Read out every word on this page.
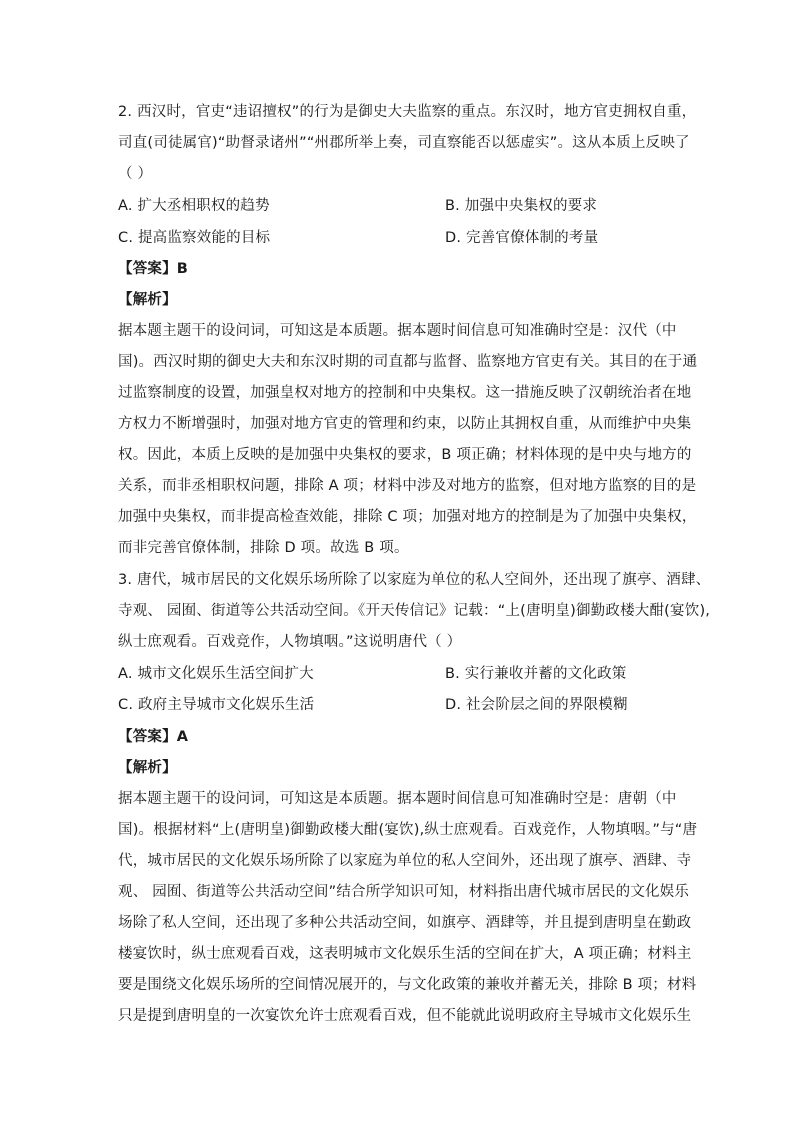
2. 西汉时，官吏“违诏擅权”的行为是御史大夫监察的重点。东汉时，地方官吏拥权自重，
司直(司徒属官)“助督录诸州”“州郡所举上奏，司直察能否以惩虚实”。这从本质上反映了
（ ）
A. 扩大丞相职权的趋势	B. 加强中央集权的要求
C. 提高监察效能的目标	D. 完善官僚体制的考量
【答案】B
【解析】
据本题主题干的设问词，可知这是本质题。据本题时间信息可知准确时空是：汉代（中
国)。西汉时期的御史大夫和东汉时期的司直都与监督、监察地方官吏有关。其目的在于通
过监察制度的设置，加强皇权对地方的控制和中央集权。这一措施反映了汉朝统治者在地
方权力不断增强时，加强对地方官吏的管理和约束，以防止其拥权自重，从而维护中央集
权。因此，本质上反映的是加强中央集权的要求，B 项正确；材料体现的是中央与地方的
关系，而非丞相职权问题，排除 A 项；材料中涉及对地方的监察，但对地方监察的目的是
加强中央集权，而非提高检查效能，排除 C 项；加强对地方的控制是为了加强中央集权，
而非完善官僚体制，排除 D 项。故选 B 项。
3. 唐代，城市居民的文化娱乐场所除了以家庭为单位的私人空间外，还出现了旗亭、酒肆、
寺观、 园囿、街道等公共活动空间。《开天传信记》记载：“上(唐明皇)御勤政楼大酣(宴饮),
纵士庶观看。百戏竞作，人物填咽。”这说明唐代（ ）
A. 城市文化娱乐生活空间扩大	B. 实行兼收并蓄的文化政策
C. 政府主导城市文化娱乐生活	D. 社会阶层之间的界限模糊
【答案】A
【解析】
据本题主题干的设问词，可知这是本质题。据本题时间信息可知准确时空是：唐朝（中
国)。根据材料“上(唐明皇)御勤政楼大酣(宴饮),纵士庶观看。百戏竞作，人物填咽。”与“唐
代，城市居民的文化娱乐场所除了以家庭为单位的私人空间外，还出现了旗亭、酒肆、寺
观、 园囿、街道等公共活动空间”结合所学知识可知，材料指出唐代城市居民的文化娱乐
场除了私人空间，还出现了多种公共活动空间，如旗亭、酒肆等，并且提到唐明皇在勤政
楼宴饮时，纵士庶观看百戏，这表明城市文化娱乐生活的空间在扩大，A 项正确；材料主
要是围绕文化娱乐场所的空间情况展开的，与文化政策的兼收并蓄无关，排除 B 项；材料
只是提到唐明皇的一次宴饮允许士庶观看百戏，但不能就此说明政府主导城市文化娱乐生
